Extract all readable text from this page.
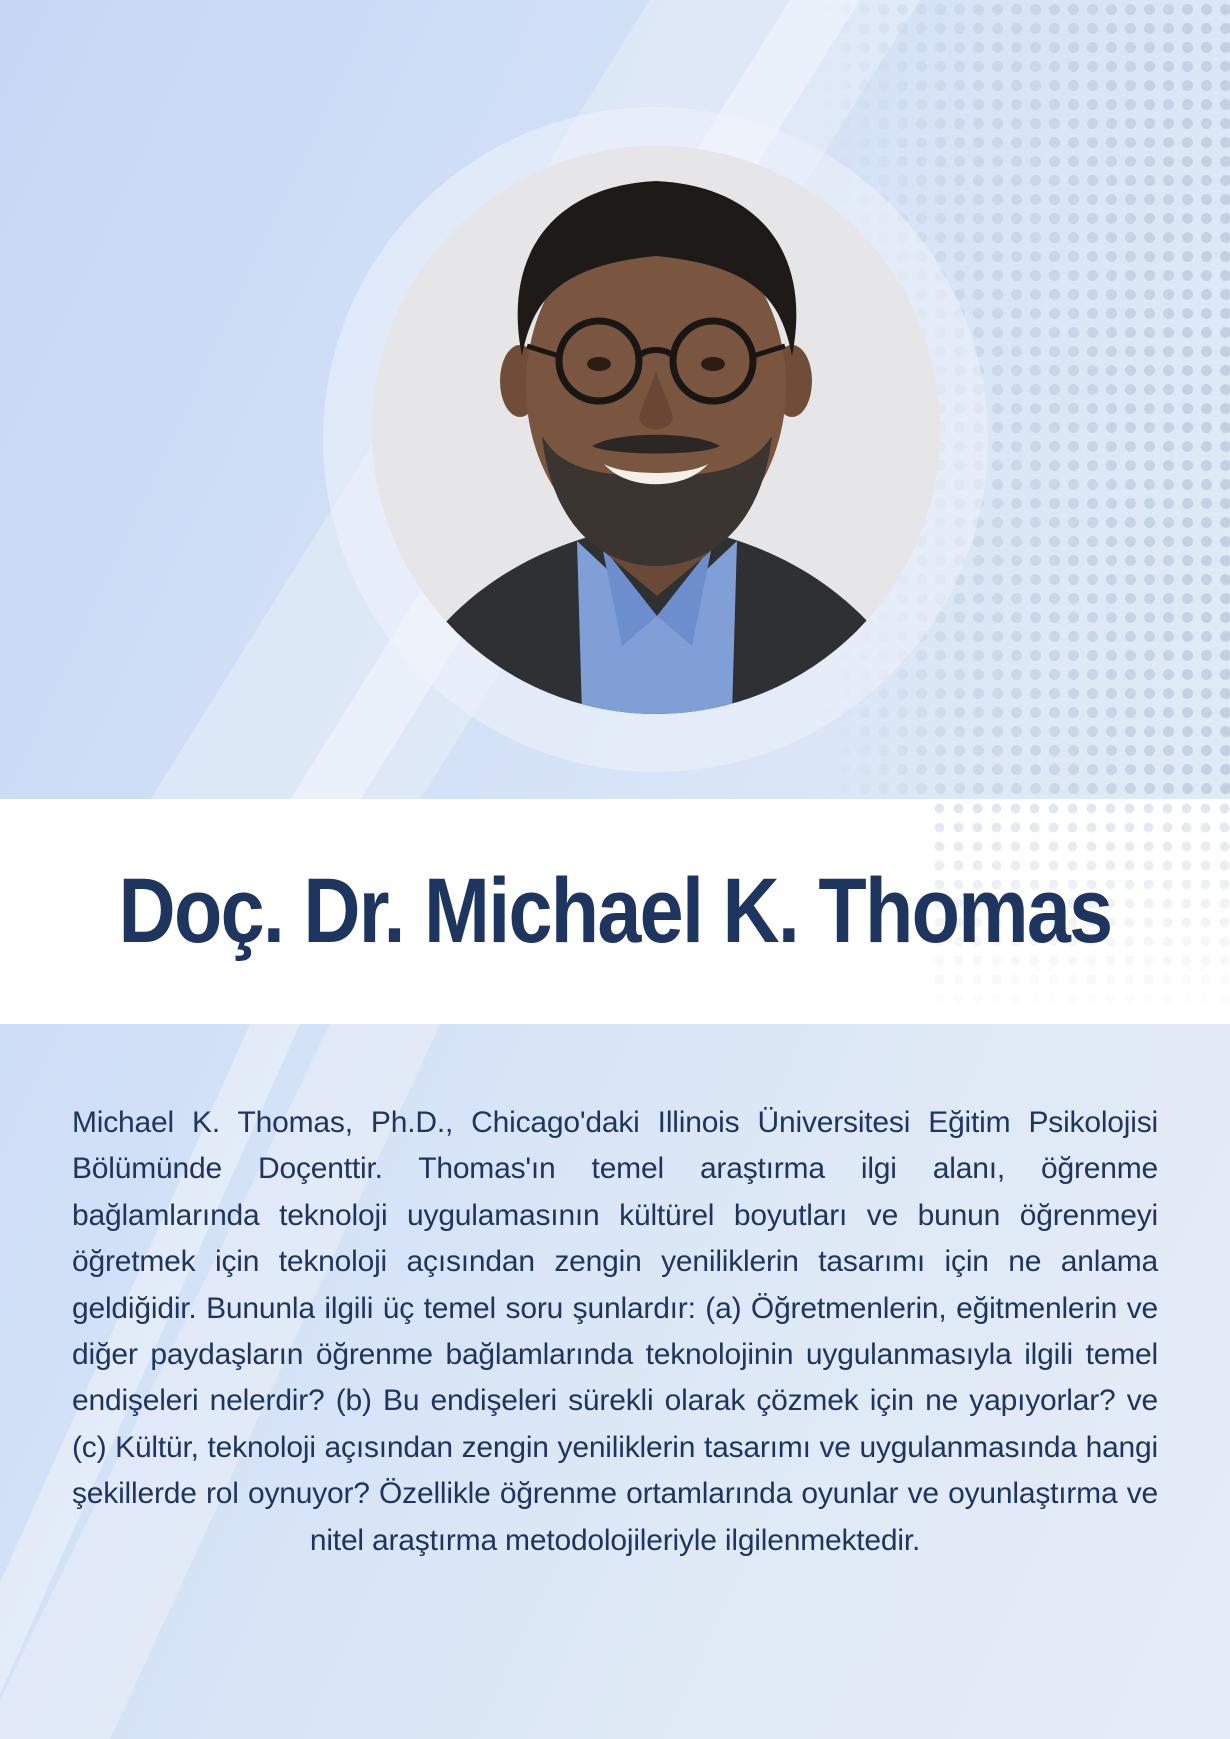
Doç. Dr. Michael K. Thomas

Michael K. Thomas, Ph.D., Chicago'daki Illinois Üniversitesi Eğitim Psikolojisi Bölümünde Doçenttir. Thomas'ın temel araştırma ilgi alanı, öğrenme bağlamlarında teknoloji uygulamasının kültürel boyutları ve bunun öğrenmeyi öğretmek için teknoloji açısından zengin yeniliklerin tasarımı için ne anlama geldiğidir. Bununla ilgili üç temel soru şunlardır: (a) Öğretmenlerin, eğitmenlerin ve diğer paydaşların öğrenme bağlamlarında teknolojinin uygulanmasıyla ilgili temel endişeleri nelerdir? (b) Bu endişeleri sürekli olarak çözmek için ne yapıyorlar? ve (c) Kültür, teknoloji açısından zengin yeniliklerin tasarımı ve uygulanmasında hangi şekillerde rol oynuyor? Özellikle öğrenme ortamlarında oyunlar ve oyunlaştırma ve nitel araştırma metodolojileriyle ilgilenmektedir.
